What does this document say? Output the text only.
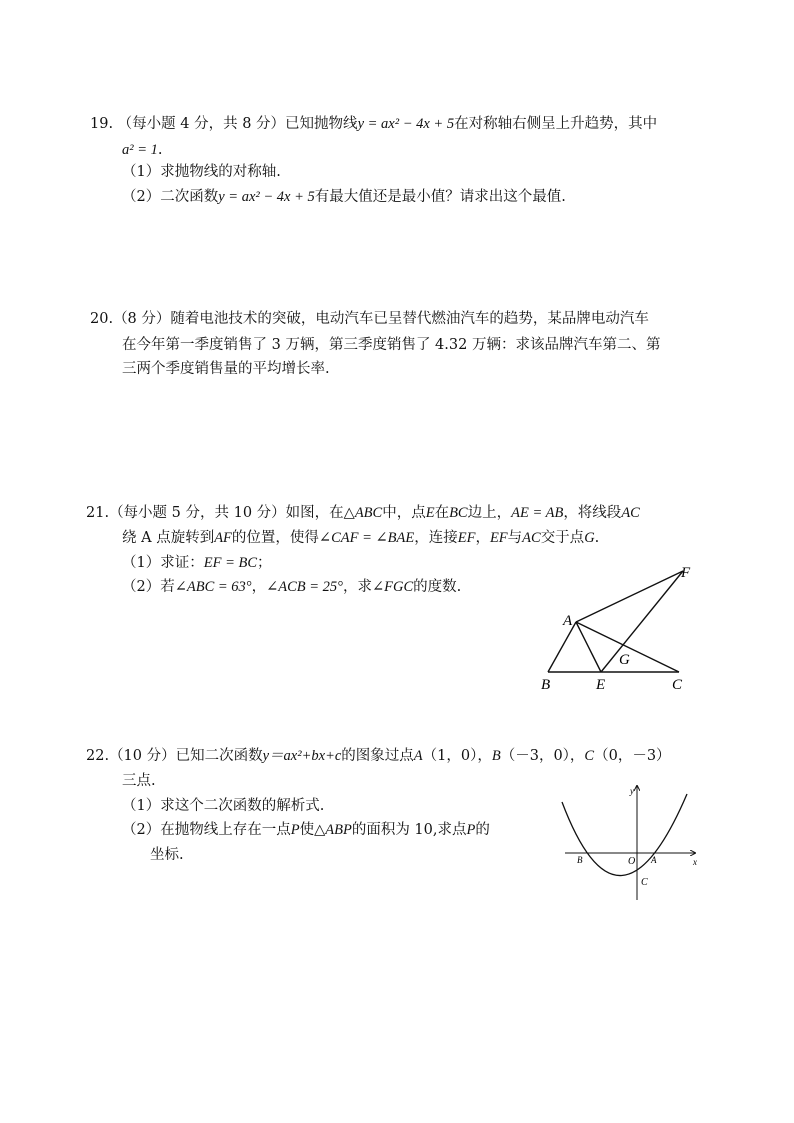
19. （每小题 4 分，共 8 分）已知抛物线y = ax² − 4x + 5在对称轴右侧呈上升趋势，其中
a² = 1.
（1）求抛物线的对称轴.
（2）二次函数y = ax² − 4x + 5有最大值还是最小值？请求出这个最值.
20.（8 分）随着电池技术的突破，电动汽车已呈替代燃油汽车的趋势，某品牌电动汽车
在今年第一季度销售了 3 万辆，第三季度销售了 4.32 万辆：求该品牌汽车第二、第
三两个季度销售量的平均增长率.
21.（每小题 5 分，共 10 分）如图，在△ABC中，点E在BC边上，AE = AB，将线段AC
绕 A 点旋转到AF的位置，使得∠CAF = ∠BAE，连接EF，EF与AC交于点G.
（1）求证：EF = BC；
（2）若∠ABC = 63°，∠ACB = 25°，求∠FGC的度数.
A
B	E	C
F
G
22.（10 分）已知二次函数y＝ax²+bx+c的图象过点A（1，0），B（－3，0），C（0，－3）
三点.
（1）求这个二次函数的解析式.
（2）在抛物线上存在一点P使△ABP的面积为 10,求点P的
坐标.	x
y
O A
B
C
